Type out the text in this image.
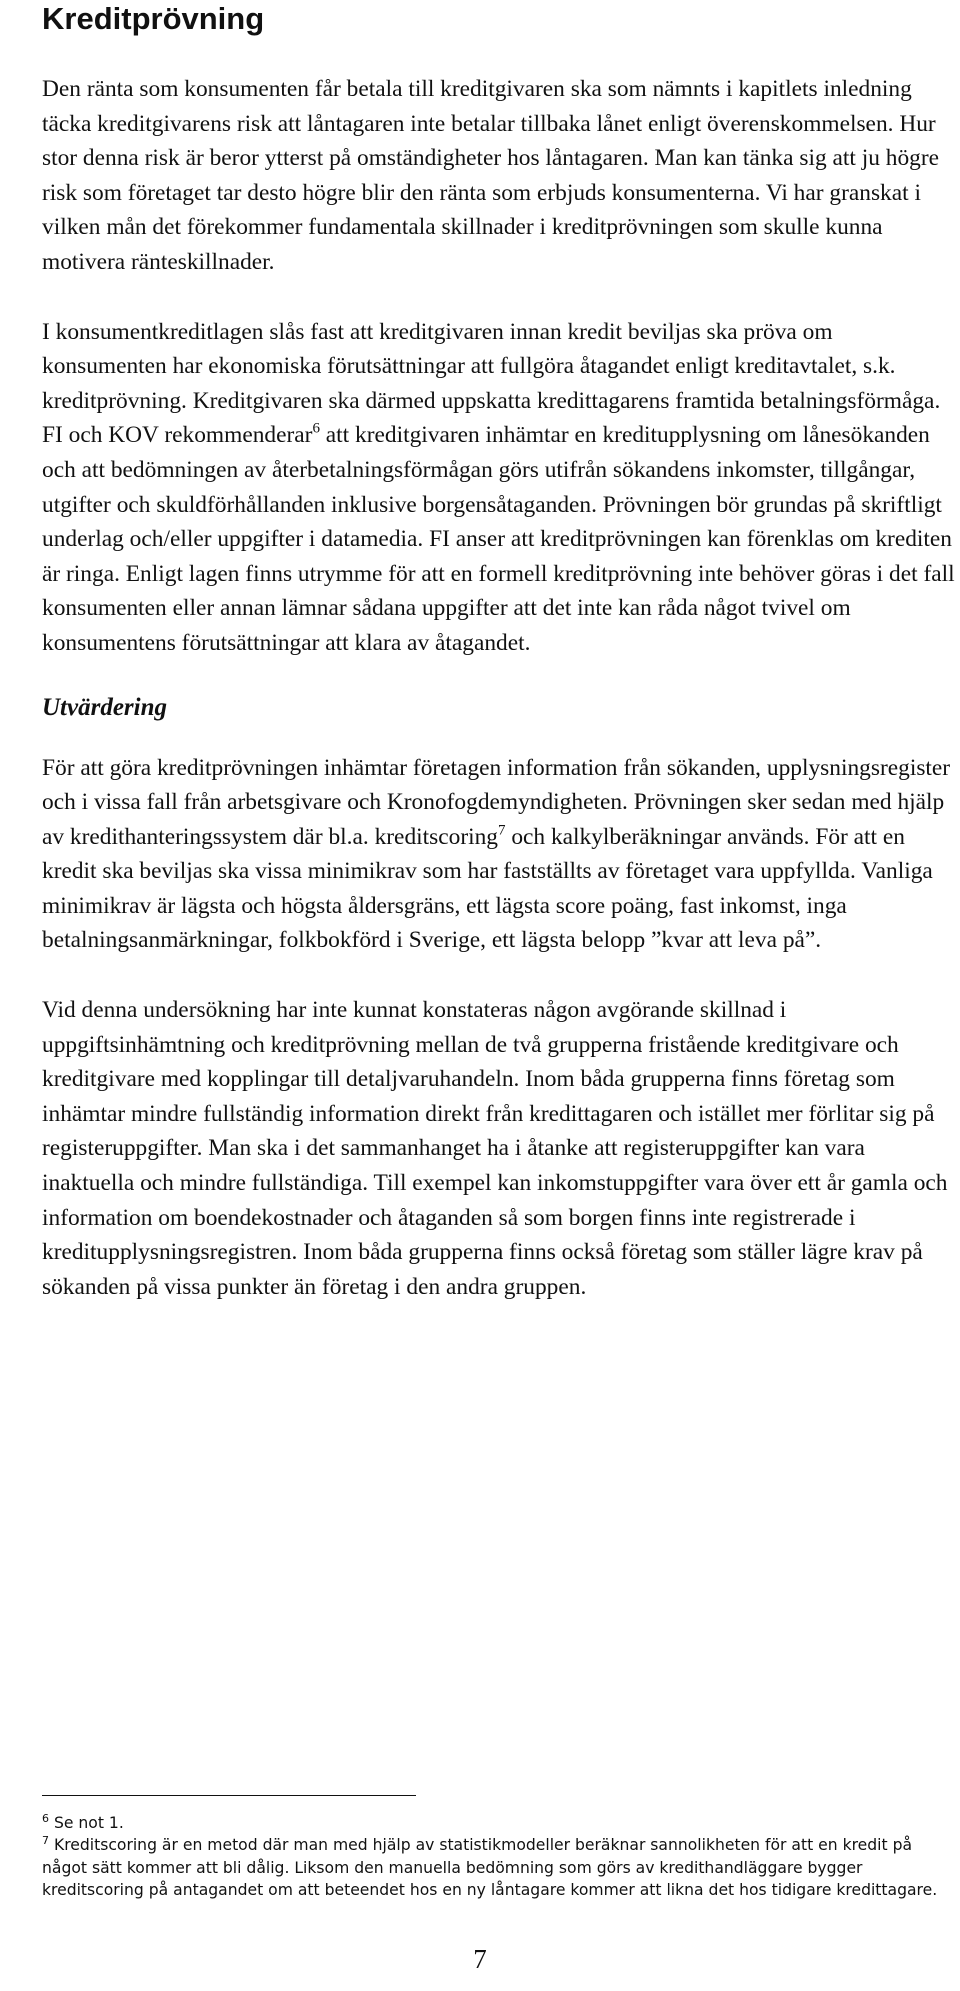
Kreditprövning

Den ränta som konsumenten får betala till kreditgivaren ska som nämnts i kapitlets inledning täcka kreditgivarens risk att låntagaren inte betalar tillbaka lånet enligt överenskommelsen. Hur stor denna risk är beror ytterst på omständigheter hos låntagaren. Man kan tänka sig att ju högre risk som företaget tar desto högre blir den ränta som erbjuds konsumenterna. Vi har granskat i vilken mån det förekommer fundamentala skillnader i kreditprövningen som skulle kunna motivera ränteskillnader.

I konsumentkreditlagen slås fast att kreditgivaren innan kredit beviljas ska pröva om konsumenten har ekonomiska förutsättningar att fullgöra åtagandet enligt kreditavtalet, s.k. kreditprövning. Kreditgivaren ska därmed uppskatta kredittagarens framtida betalningsförmåga. FI och KOV rekommenderar$^6$ att kreditgivaren inhämtar en kreditupplysning om lånesökanden och att bedömningen av återbetalningsförmågan görs utifrån sökandens inkomster, tillgångar, utgifter och skuldförhållanden inklusive borgensåtaganden. Prövningen bör grundas på skriftligt underlag och/eller uppgifter i datamedia. FI anser att kreditprövningen kan förenklas om krediten är ringa. Enligt lagen finns utrymme för att en formell kreditprövning inte behöver göras i det fall konsumenten eller annan lämnar sådana uppgifter att det inte kan råda något tvivel om konsumentens förutsättningar att klara av åtagandet.

Utvärdering

För att göra kreditprövningen inhämtar företagen information från sökanden, upplysningsregister och i vissa fall från arbetsgivare och Kronofogdemyndigheten. Prövningen sker sedan med hjälp av kredithanteringssystem där bl.a. kreditscoring$^7$ och kalkylberäkningar används. För att en kredit ska beviljas ska vissa minimikrav som har fastställts av företaget vara uppfyllda. Vanliga minimikrav är lägsta och högsta åldersgräns, ett lägsta score poäng, fast inkomst, inga betalningsanmärkningar, folkbokförd i Sverige, ett lägsta belopp ”kvar att leva på”.

Vid denna undersökning har inte kunnat konstateras någon avgörande skillnad i uppgiftsinhämtning och kreditprövning mellan de två grupperna fristående kreditgivare och kreditgivare med kopplingar till detaljvaruhandeln. Inom båda grupperna finns företag som inhämtar mindre fullständig information direkt från kredittagaren och istället mer förlitar sig på registeruppgifter. Man ska i det sammanhanget ha i åtanke att registeruppgifter kan vara inaktuella och mindre fullständiga. Till exempel kan inkomstuppgifter vara över ett år gamla och information om boendekostnader och åtaganden så som borgen finns inte registrerade i kreditupplysningsregistren. Inom båda grupperna finns också företag som ställer lägre krav på sökanden på vissa punkter än företag i den andra gruppen.

$^6$ Se not 1.

$^7$ Kreditscoring är en metod där man med hjälp av statistikmodeller beräknar sannolikheten för att en kredit på något sätt kommer att bli dålig. Liksom den manuella bedömning som görs av kredithandläggare bygger kreditscoring på antagandet om att beteendet hos en ny låntagare kommer att likna det hos tidigare kredittagare.

7
